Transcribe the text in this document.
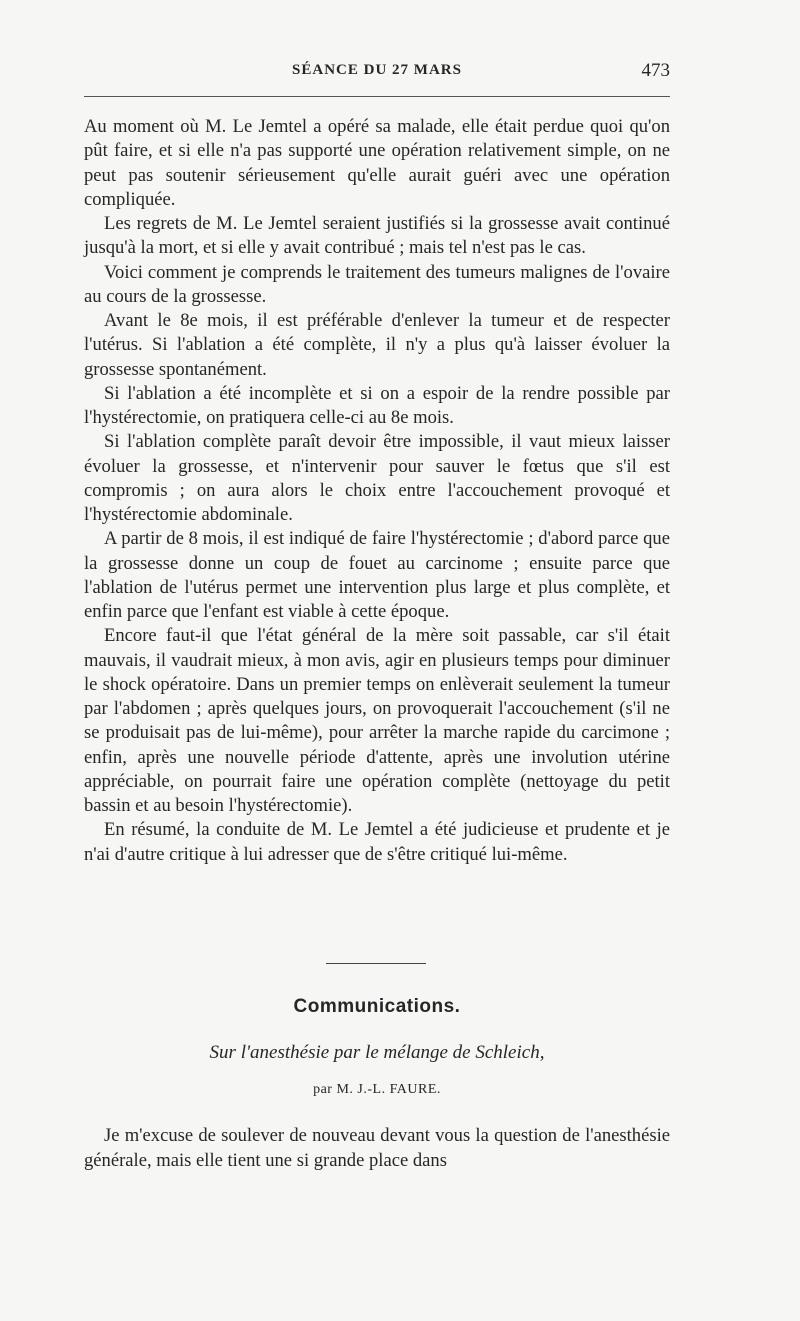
SÉANCE DU 27 MARS	473

Au moment où M. Le Jemtel a opéré sa malade, elle était perdue quoi qu'on pût faire, et si elle n'a pas supporté une opération relativement simple, on ne peut pas soutenir sérieusement qu'elle aurait guéri avec une opération compliquée.

Les regrets de M. Le Jemtel seraient justifiés si la grossesse avait continué jusqu'à la mort, et si elle y avait contribué ; mais tel n'est pas le cas.

Voici comment je comprends le traitement des tumeurs malignes de l'ovaire au cours de la grossesse.

Avant le 8e mois, il est préférable d'enlever la tumeur et de respecter l'utérus. Si l'ablation a été complète, il n'y a plus qu'à laisser évoluer la grossesse spontanément.

Si l'ablation a été incomplète et si on a espoir de la rendre possible par l'hystérectomie, on pratiquera celle-ci au 8e mois.

Si l'ablation complète paraît devoir être impossible, il vaut mieux laisser évoluer la grossesse, et n'intervenir pour sauver le fœtus que s'il est compromis ; on aura alors le choix entre l'accouchement provoqué et l'hystérectomie abdominale.

A partir de 8 mois, il est indiqué de faire l'hystérectomie ; d'abord parce que la grossesse donne un coup de fouet au carcinome ; ensuite parce que l'ablation de l'utérus permet une intervention plus large et plus complète, et enfin parce que l'enfant est viable à cette époque.

Encore faut-il que l'état général de la mère soit passable, car s'il était mauvais, il vaudrait mieux, à mon avis, agir en plusieurs temps pour diminuer le shock opératoire. Dans un premier temps on enlèverait seulement la tumeur par l'abdomen ; après quelques jours, on provoquerait l'accouchement (s'il ne se produisait pas de lui-même), pour arrêter la marche rapide du carcimone ; enfin, après une nouvelle période d'attente, après une involution utérine appréciable, on pourrait faire une opération complète (nettoyage du petit bassin et au besoin l'hystérectomie).

En résumé, la conduite de M. Le Jemtel a été judicieuse et prudente et je n'ai d'autre critique à lui adresser que de s'être critiqué lui-même.

Communications.
Sur l'anesthésie par le mélange de Schleich,
par M. J.-L. FAURE.

Je m'excuse de soulever de nouveau devant vous la question de l'anesthésie générale, mais elle tient une si grande place dans
